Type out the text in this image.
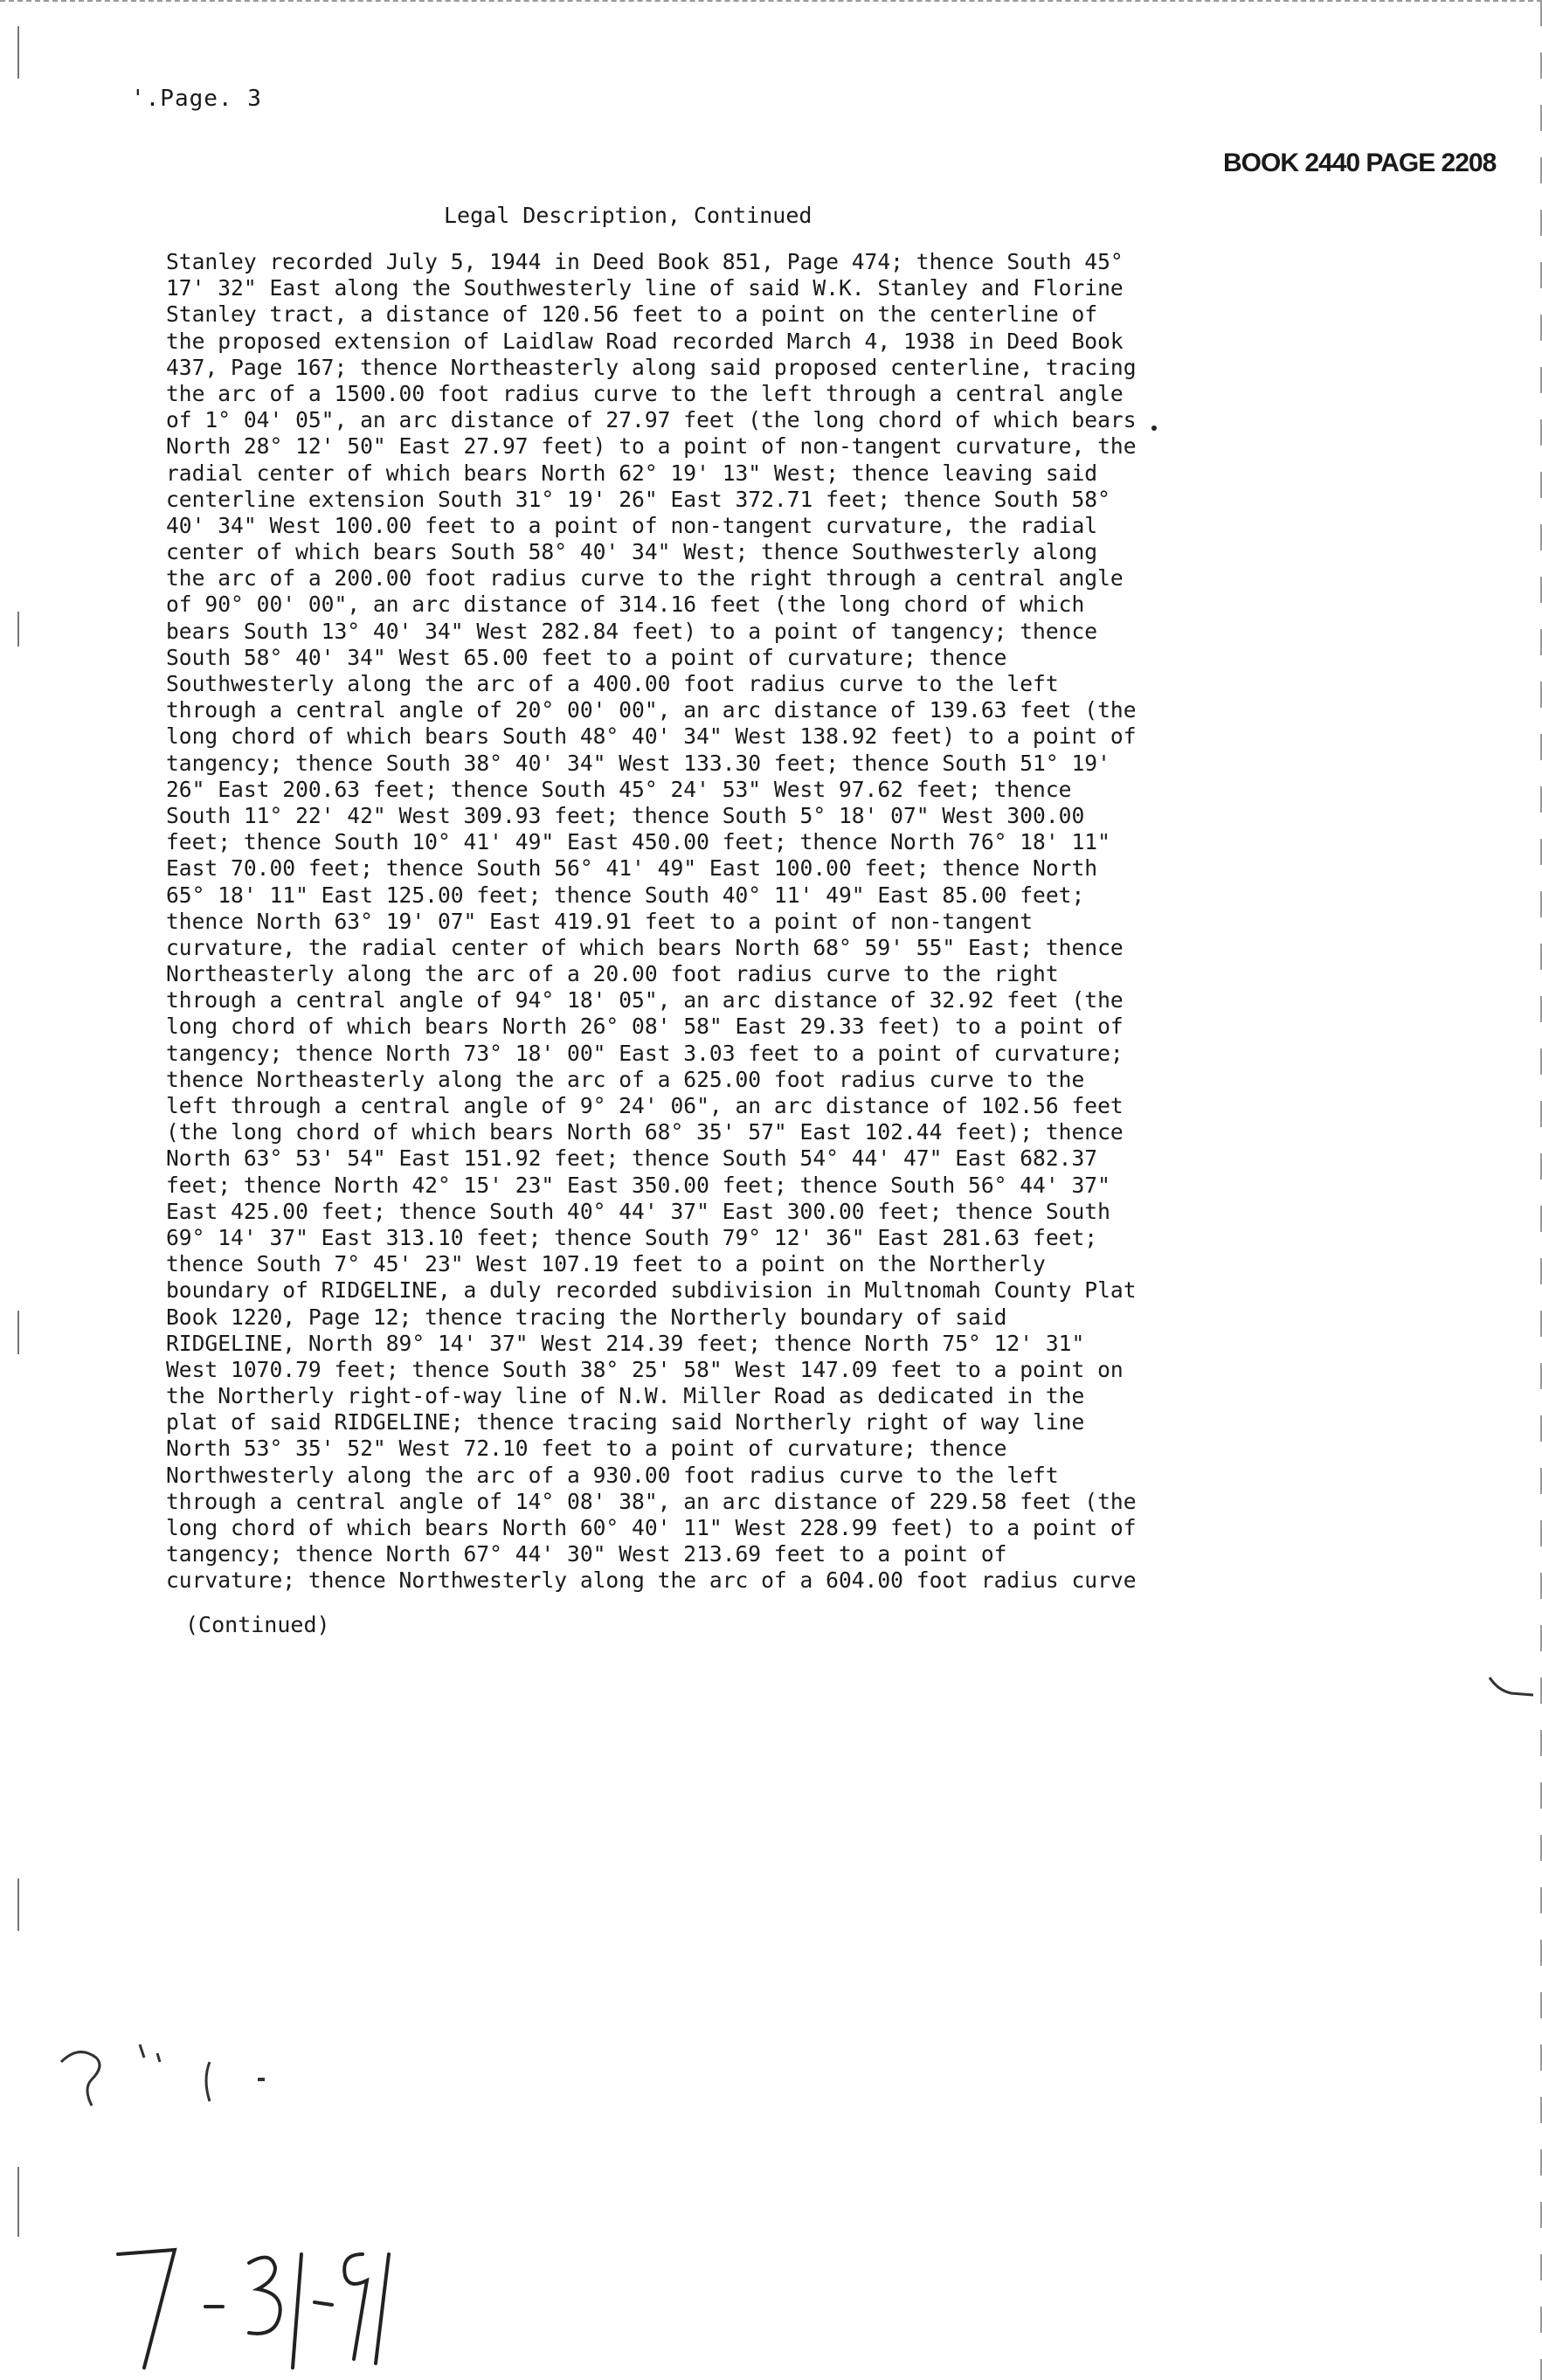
'.Page. 3
BOOK 2440 PAGE 2208
Legal Description, Continued
Stanley recorded July 5, 1944 in Deed Book 851, Page 474; thence South 45°
17' 32" East along the Southwesterly line of said W.K. Stanley and Florine
Stanley tract, a distance of 120.56 feet to a point on the centerline of
the proposed extension of Laidlaw Road recorded March 4, 1938 in Deed Book
437, Page 167; thence Northeasterly along said proposed centerline, tracing
the arc of a 1500.00 foot radius curve to the left through a central angle
of 1° 04' 05", an arc distance of 27.97 feet (the long chord of which bears
North 28° 12' 50" East 27.97 feet) to a point of non-tangent curvature, the
radial center of which bears North 62° 19' 13" West; thence leaving said
centerline extension South 31° 19' 26" East 372.71 feet; thence South 58°
40' 34" West 100.00 feet to a point of non-tangent curvature, the radial
center of which bears South 58° 40' 34" West; thence Southwesterly along
the arc of a 200.00 foot radius curve to the right through a central angle
of 90° 00' 00", an arc distance of 314.16 feet (the long chord of which
bears South 13° 40' 34" West 282.84 feet) to a point of tangency; thence
South 58° 40' 34" West 65.00 feet to a point of curvature; thence
Southwesterly along the arc of a 400.00 foot radius curve to the left
through a central angle of 20° 00' 00", an arc distance of 139.63 feet (the
long chord of which bears South 48° 40' 34" West 138.92 feet) to a point of
tangency; thence South 38° 40' 34" West 133.30 feet; thence South 51° 19'
26" East 200.63 feet; thence South 45° 24' 53" West 97.62 feet; thence
South 11° 22' 42" West 309.93 feet; thence South 5° 18' 07" West 300.00
feet; thence South 10° 41' 49" East 450.00 feet; thence North 76° 18' 11"
East 70.00 feet; thence South 56° 41' 49" East 100.00 feet; thence North
65° 18' 11" East 125.00 feet; thence South 40° 11' 49" East 85.00 feet;
thence North 63° 19' 07" East 419.91 feet to a point of non-tangent
curvature, the radial center of which bears North 68° 59' 55" East; thence
Northeasterly along the arc of a 20.00 foot radius curve to the right
through a central angle of 94° 18' 05", an arc distance of 32.92 feet (the
long chord of which bears North 26° 08' 58" East 29.33 feet) to a point of
tangency; thence North 73° 18' 00" East 3.03 feet to a point of curvature;
thence Northeasterly along the arc of a 625.00 foot radius curve to the
left through a central angle of 9° 24' 06", an arc distance of 102.56 feet
(the long chord of which bears North 68° 35' 57" East 102.44 feet); thence
North 63° 53' 54" East 151.92 feet; thence South 54° 44' 47" East 682.37
feet; thence North 42° 15' 23" East 350.00 feet; thence South 56° 44' 37"
East 425.00 feet; thence South 40° 44' 37" East 300.00 feet; thence South
69° 14' 37" East 313.10 feet; thence South 79° 12' 36" East 281.63 feet;
thence South 7° 45' 23" West 107.19 feet to a point on the Northerly
boundary of RIDGELINE, a duly recorded subdivision in Multnomah County Plat
Book 1220, Page 12; thence tracing the Northerly boundary of said
RIDGELINE, North 89° 14' 37" West 214.39 feet; thence North 75° 12' 31"
West 1070.79 feet; thence South 38° 25' 58" West 147.09 feet to a point on
the Northerly right-of-way line of N.W. Miller Road as dedicated in the
plat of said RIDGELINE; thence tracing said Northerly right of way line
North 53° 35' 52" West 72.10 feet to a point of curvature; thence
Northwesterly along the arc of a 930.00 foot radius curve to the left
through a central angle of 14° 08' 38", an arc distance of 229.58 feet (the
long chord of which bears North 60° 40' 11" West 228.99 feet) to a point of
tangency; thence North 67° 44' 30" West 213.69 feet to a point of
curvature; thence Northwesterly along the arc of a 604.00 foot radius curve
(Continued)
